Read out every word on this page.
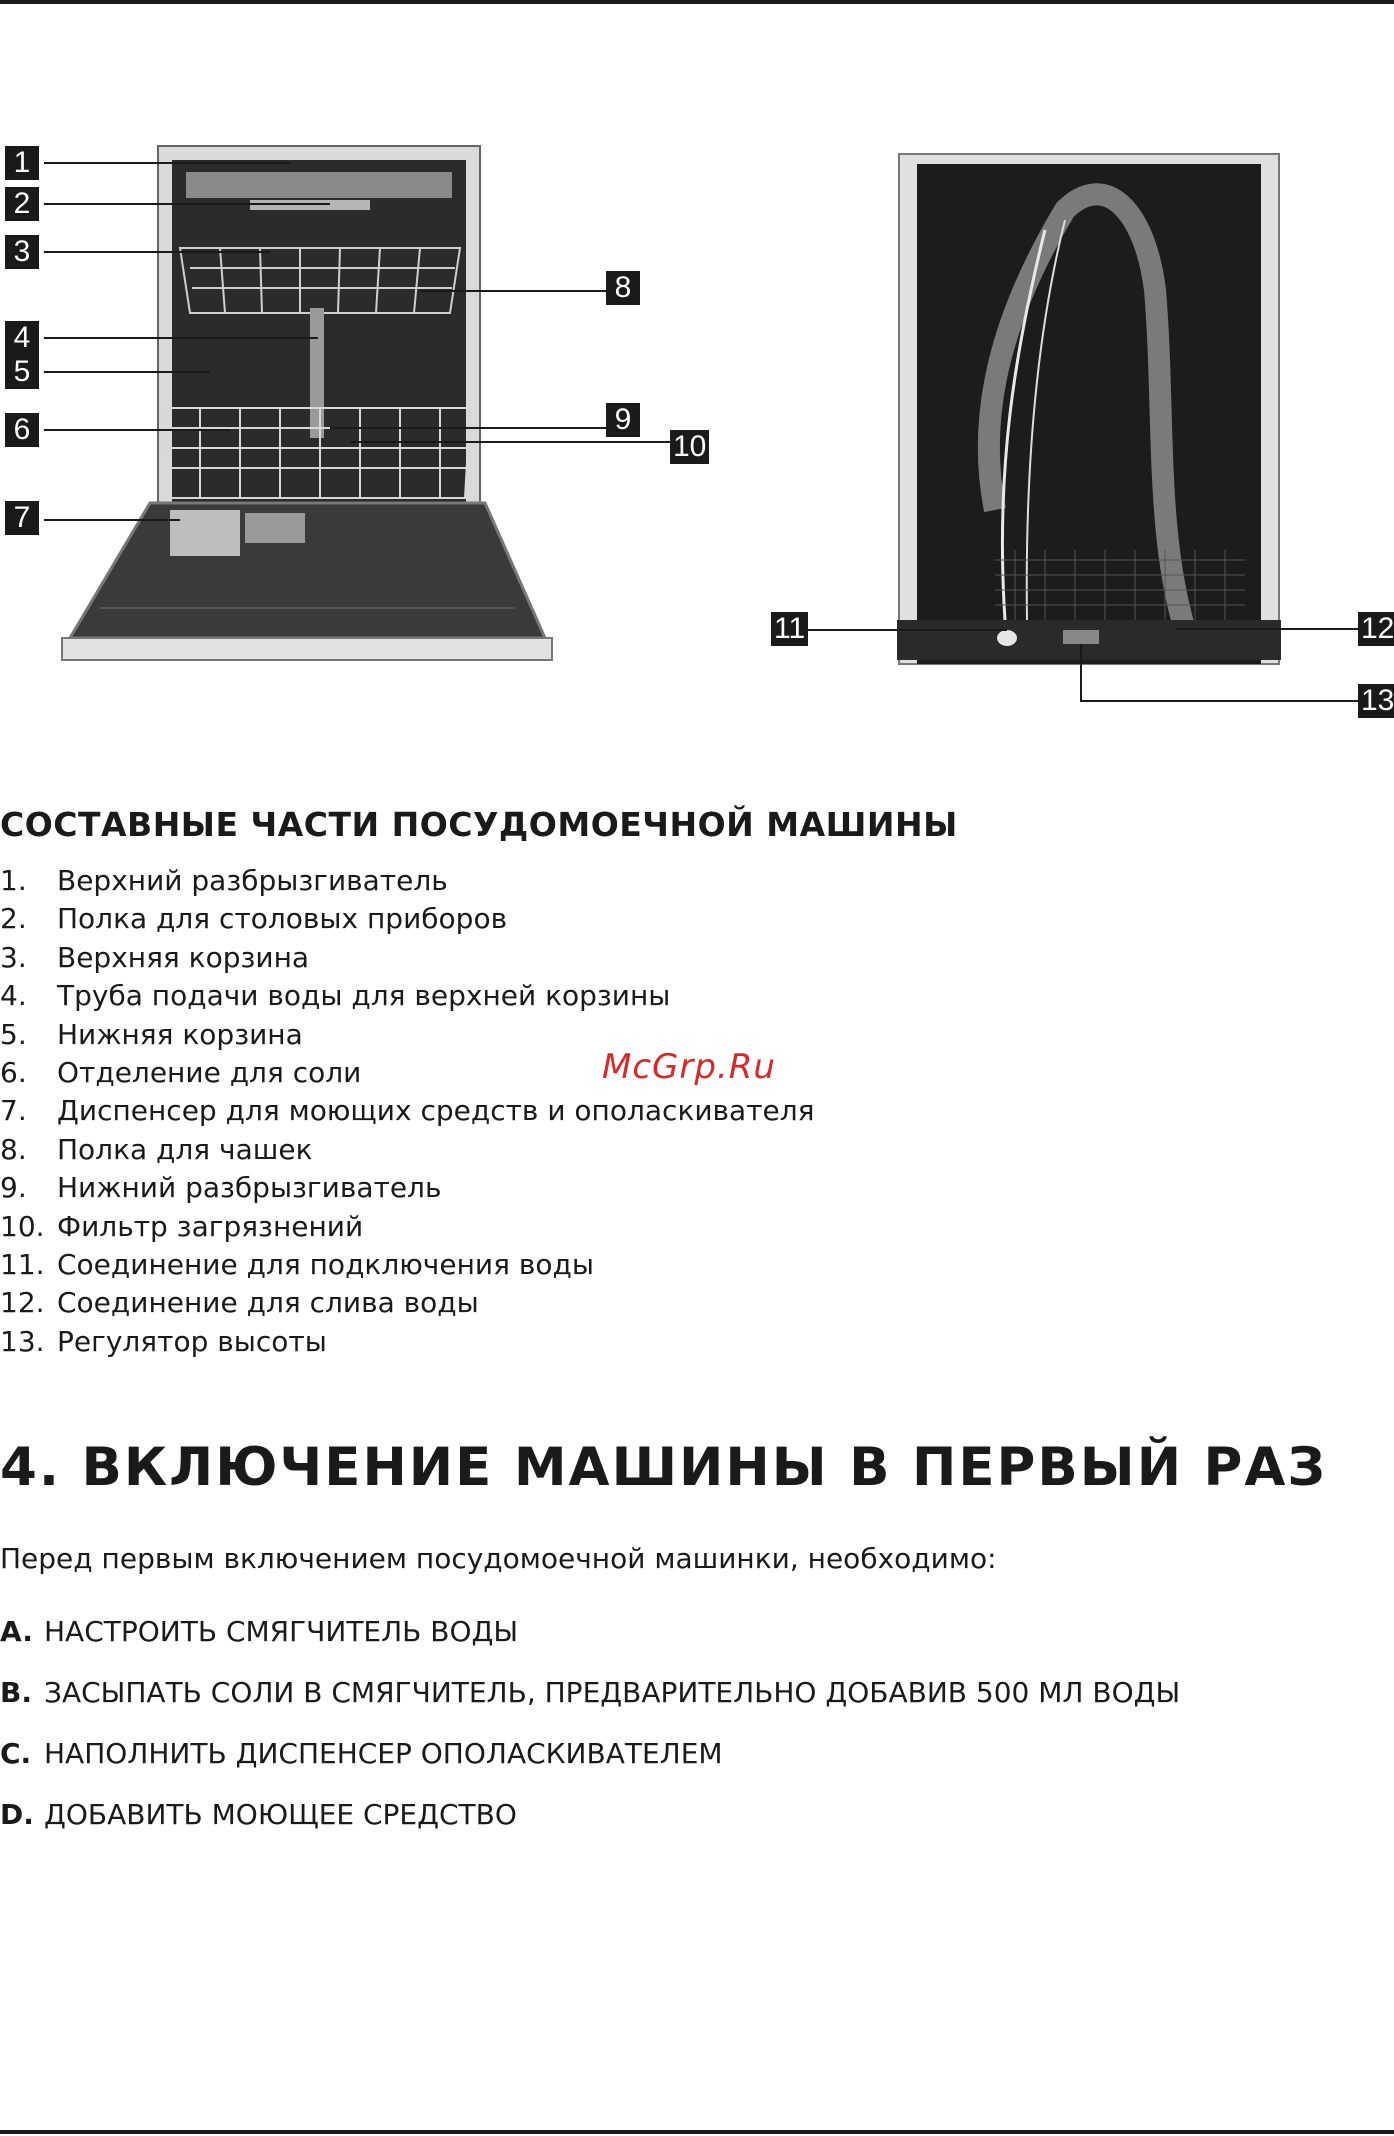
1
2
3
4
5
6
7
8
9
10
11	12
13
СОСТАВНЫЕ ЧАСТИ ПОСУДОМОЕЧНОЙ МАШИНЫ
1. Верхний разбрызгиватель
2. Полка для столовых приборов
3. Верхняя корзина
4. Труба подачи воды для верхней корзины
5. Нижняя корзина
6. Отделение для соли
7. Диспенсер для моющих средств и ополаскивателя
8. Полка для чашек
9. Нижний разбрызгиватель
10. Фильтр загрязнений
11. Соединение для подключения воды
12. Соединение для слива воды
13. Регулятор высоты
McGrp.Ru
4. ВКЛЮЧЕНИЕ МАШИНЫ В ПЕРВЫЙ РАЗ
Перед первым включением посудомоечной машинки, необходимо:
A. НАСТРОИТЬ СМЯГЧИТЕЛЬ ВОДЫ
B. ЗАСЫПАТЬ СОЛИ В СМЯГЧИТЕЛЬ, ПРЕДВАРИТЕЛЬНО ДОБАВИВ 500 МЛ ВОДЫ
C. НАПОЛНИТЬ ДИСПЕНСЕР ОПОЛАСКИВАТЕЛЕМ
D. ДОБАВИТЬ МОЮЩЕЕ СРЕДСТВО
